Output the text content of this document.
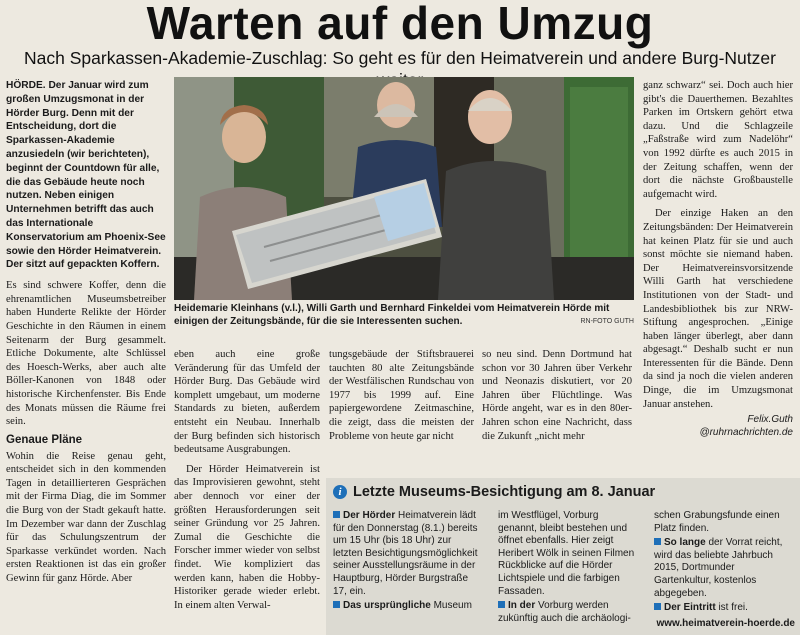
Warten auf den Umzug
Nach Sparkassen-Akademie-Zuschlag: So geht es für den Heimatverein und andere Burg-Nutzer

HÖRDE. Der Januar wird zum großen Umzugsmonat in der Hörder Burg. Denn mit der Entscheidung, dort die Sparkassen-Akademie anzusiedeln (wir berichteten), beginnt der Countdown für alle, die das Gebäude heute noch nutzen. Neben einigen Unternehmen betrifft das auch das Internationale Konservatorium am Phoenix-See sowie den Hörder Heimatverein. Der sitzt auf gepackten Koffern.

Es sind schwere Koffer, denn die ehrenamtlichen Museumsbetreiber haben Hunderte Relikte der Hörder Geschichte in den Räumen in einem Seitenarm der Burg gesammelt. Etliche Dokumente, alte Schlüssel des Hoesch-Werks, aber auch alte Böller-Kanonen von 1848 oder historische Kirchenfenster. Bis Ende des Monats müssen die Räume frei sein.

Genaue Pläne

Wohin die Reise genau geht, entscheidet sich in den kommenden Tagen in detaillierteren Gesprächen mit der Firma Diag, die im Sommer die Burg von der Stadt gekauft hatte. Im Dezember war dann der Zuschlag für das Schulungszentrum der Sparkasse verkündet worden. Nach ersten Reaktionen ist das ein großer Gewinn für ganz Hörde. Aber

Heidemarie Kleinhans (v.l.), Willi Garth und Bernhard Finkeldei vom Heimatverein Hörde mit einigen der Zeitungsbände, für die sie Interessenten suchen.	RN-FOTO GUTH

eben auch eine große Veränderung für das Umfeld der Hörder Burg. Das Gebäude wird komplett umgebaut, um moderne Standards zu bieten, außerdem entsteht ein Neubau. Innerhalb der Burg befinden sich historisch bedeutsame Ausgrabungen.

Der Hörder Heimatverein ist das Improvisieren gewohnt, steht aber dennoch vor einer der größten Herausforderungen seit seiner Gründung vor 25 Jahren. Zumal die Geschichte die Forscher immer wieder von selbst findet. Wie kompliziert das werden kann, haben die Hobby-Historiker gerade wieder erlebt. In einem alten Verwal-

tungsgebäude der Stiftsbrauerei tauchten 80 alte Zeitungsbände der Westfälischen Rundschau von 1977 bis 1999 auf. Eine papiergewordene Zeitmaschine, die zeigt, dass die meisten der Probleme von heute gar nicht

so neu sind. Denn Dortmund hat schon vor 30 Jahren über Verkehr und Neonazis diskutiert, vor 20 Jahren über Flüchtlinge. Was Hörde angeht, war es in den 80er-Jahren schon eine Nachricht, dass die Zukunft „nicht mehr

ganz schwarz“ sei. Doch auch hier gibt's die Dauerthemen. Bezahltes Parken im Ortskern gehört etwa dazu. Und die Schlagzeile „Faßstraße wird zum Nadelöhr“ von 1992 dürfte es auch 2015 in der Zeitung schaffen, wenn der dort die nächste Großbaustelle aufgemacht wird.

Der einzige Haken an den Zeitungsbänden: Der Heimatverein hat keinen Platz für sie und auch sonst möchte sie niemand haben. Der Heimatvereinsvorsitzende Willi Garth hat verschiedene Institutionen von der Stadt- und Landesbibliothek bis zur NRW-Stiftung angesprochen. „Einige haben länger überlegt, aber dann abgesagt.“ Deshalb sucht er nun Interessenten für die Bände. Denn da sind ja noch die vielen anderen Dinge, die im Umzugsmonat Januar anstehen.

Felix.Guth
@ruhrnachrichten.de
i Letzte Museums-Besichtigung am 8. Januar

Der Hörder Heimatverein lädt für den Donnerstag (8.1.) bereits um 15 Uhr (bis 18 Uhr) zur letzten Besichtigungsmöglichkeit seiner Ausstellungsräume in der Hauptburg, Hörder Burgstraße 17, ein.

Das ursprüngliche Museum

im Westflügel, Vorburg genannt, bleibt bestehen und öffnet ebenfalls. Hier zeigt Heribert Wölk in seinen Filmen Rückblicke auf die Hörder Lichtspiele und die farbigen Fassaden.

In der Vorburg werden zukünftig auch die archäologi-

schen Grabungsfunde einen Platz finden.

So lange der Vorrat reicht, wird das beliebte Jahrbuch 2015, Dortmunder Gartenkultur, kostenlos abgegeben.

Der Eintritt ist frei.

www.heimatverein-hoerde.de
